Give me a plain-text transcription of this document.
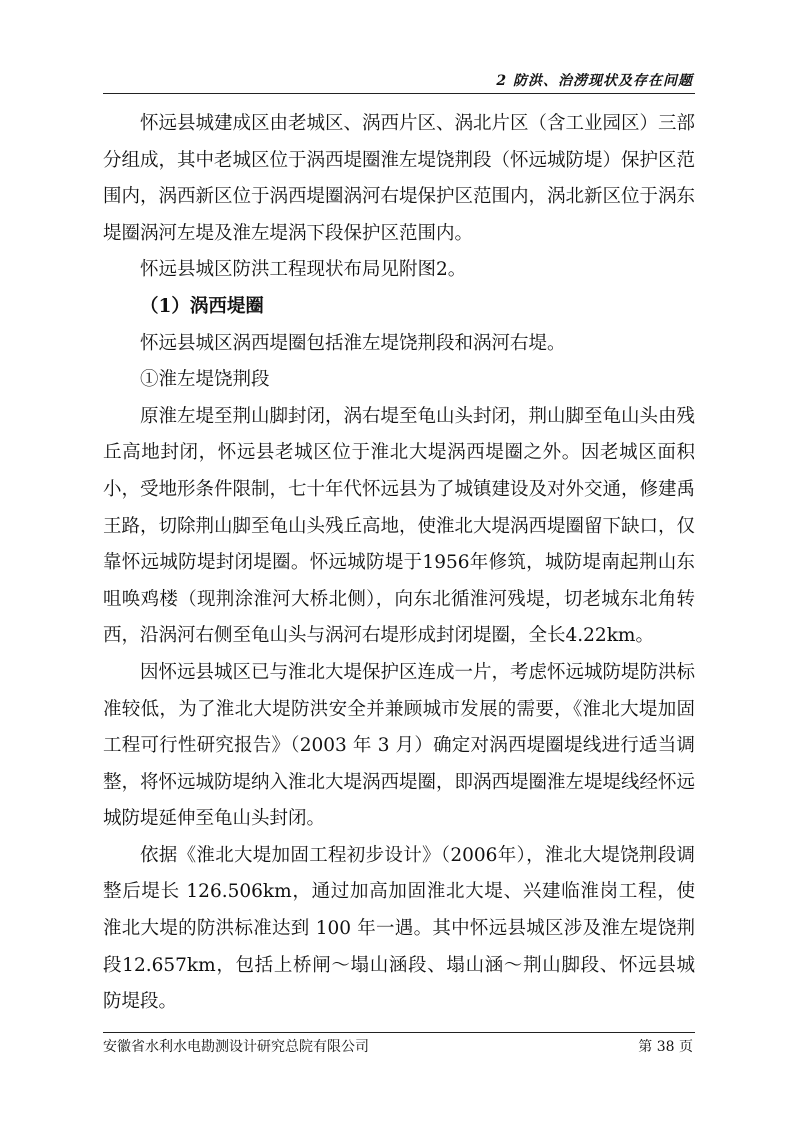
2 防洪、治涝现状及存在问题

怀远县城建成区由老城区、涡西片区、涡北片区（含工业园区）三部分组成，其中老城区位于涡西堤圈淮左堤饶荆段（怀远城防堤）保护区范围内，涡西新区位于涡西堤圈涡河右堤保护区范围内，涡北新区位于涡东堤圈涡河左堤及淮左堤涡下段保护区范围内。

怀远县城区防洪工程现状布局见附图2。

（1）涡西堤圈

怀远县城区涡西堤圈包括淮左堤饶荆段和涡河右堤。

①淮左堤饶荆段

原淮左堤至荆山脚封闭，涡右堤至龟山头封闭，荆山脚至龟山头由残丘高地封闭，怀远县老城区位于淮北大堤涡西堤圈之外。因老城区面积小，受地形条件限制，七十年代怀远县为了城镇建设及对外交通，修建禹王路，切除荆山脚至龟山头残丘高地，使淮北大堤涡西堤圈留下缺口，仅靠怀远城防堤封闭堤圈。怀远城防堤于1956年修筑，城防堤南起荆山东咀唤鸡楼（现荆涂淮河大桥北侧），向东北循淮河残堤，切老城东北角转西，沿涡河右侧至龟山头与涡河右堤形成封闭堤圈，全长4.22km。

因怀远县城区已与淮北大堤保护区连成一片，考虑怀远城防堤防洪标准较低，为了淮北大堤防洪安全并兼顾城市发展的需要，《淮北大堤加固工程可行性研究报告》（2003 年 3 月）确定对涡西堤圈堤线进行适当调整，将怀远城防堤纳入淮北大堤涡西堤圈，即涡西堤圈淮左堤堤线经怀远城防堤延伸至龟山头封闭。

依据《淮北大堤加固工程初步设计》（2006年），淮北大堤饶荆段调整后堤长 126.506km，通过加高加固淮北大堤、兴建临淮岗工程，使淮北大堤的防洪标准达到 100 年一遇。其中怀远县城区涉及淮左堤饶荆段12.657km，包括上桥闸～塌山涵段、塌山涵～荆山脚段、怀远县城防堤段。

安徽省水利水电勘测设计研究总院有限公司	第 38 页
